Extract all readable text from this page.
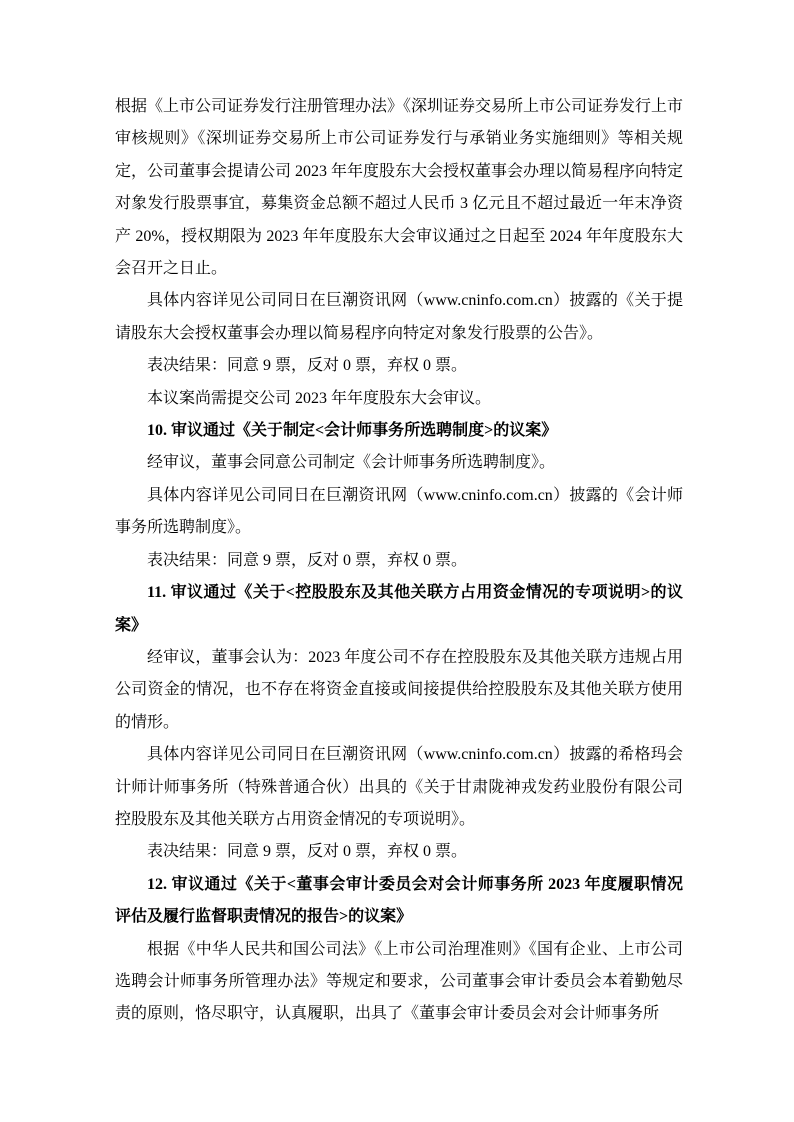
根据《上市公司证券发行注册管理办法》《深圳证券交易所上市公司证券发行上市审核规则》《深圳证券交易所上市公司证券发行与承销业务实施细则》等相关规定，公司董事会提请公司 2023 年年度股东大会授权董事会办理以简易程序向特定对象发行股票事宜，募集资金总额不超过人民币 3 亿元且不超过最近一年末净资产 20%，授权期限为 2023 年年度股东大会审议通过之日起至 2024 年年度股东大会召开之日止。

具体内容详见公司同日在巨潮资讯网（www.cninfo.com.cn）披露的《关于提请股东大会授权董事会办理以简易程序向特定对象发行股票的公告》。

表决结果：同意 9 票，反对 0 票，弃权 0 票。

本议案尚需提交公司 2023 年年度股东大会审议。

10. 审议通过《关于制定<会计师事务所选聘制度>的议案》

经审议，董事会同意公司制定《会计师事务所选聘制度》。

具体内容详见公司同日在巨潮资讯网（www.cninfo.com.cn）披露的《会计师事务所选聘制度》。

表决结果：同意 9 票，反对 0 票，弃权 0 票。

11. 审议通过《关于<控股股东及其他关联方占用资金情况的专项说明>的议案》

经审议，董事会认为：2023 年度公司不存在控股股东及其他关联方违规占用公司资金的情况，也不存在将资金直接或间接提供给控股股东及其他关联方使用的情形。

具体内容详见公司同日在巨潮资讯网（www.cninfo.com.cn）披露的希格玛会计师计师事务所（特殊普通合伙）出具的《关于甘肃陇神戎发药业股份有限公司控股股东及其他关联方占用资金情况的专项说明》。

表决结果：同意 9 票，反对 0 票，弃权 0 票。

12. 审议通过《关于<董事会审计委员会对会计师事务所 2023 年度履职情况评估及履行监督职责情况的报告>的议案》

根据《中华人民共和国公司法》《上市公司治理准则》《国有企业、上市公司选聘会计师事务所管理办法》等规定和要求，公司董事会审计委员会本着勤勉尽责的原则，恪尽职守，认真履职，出具了《董事会审计委员会对会计师事务所
